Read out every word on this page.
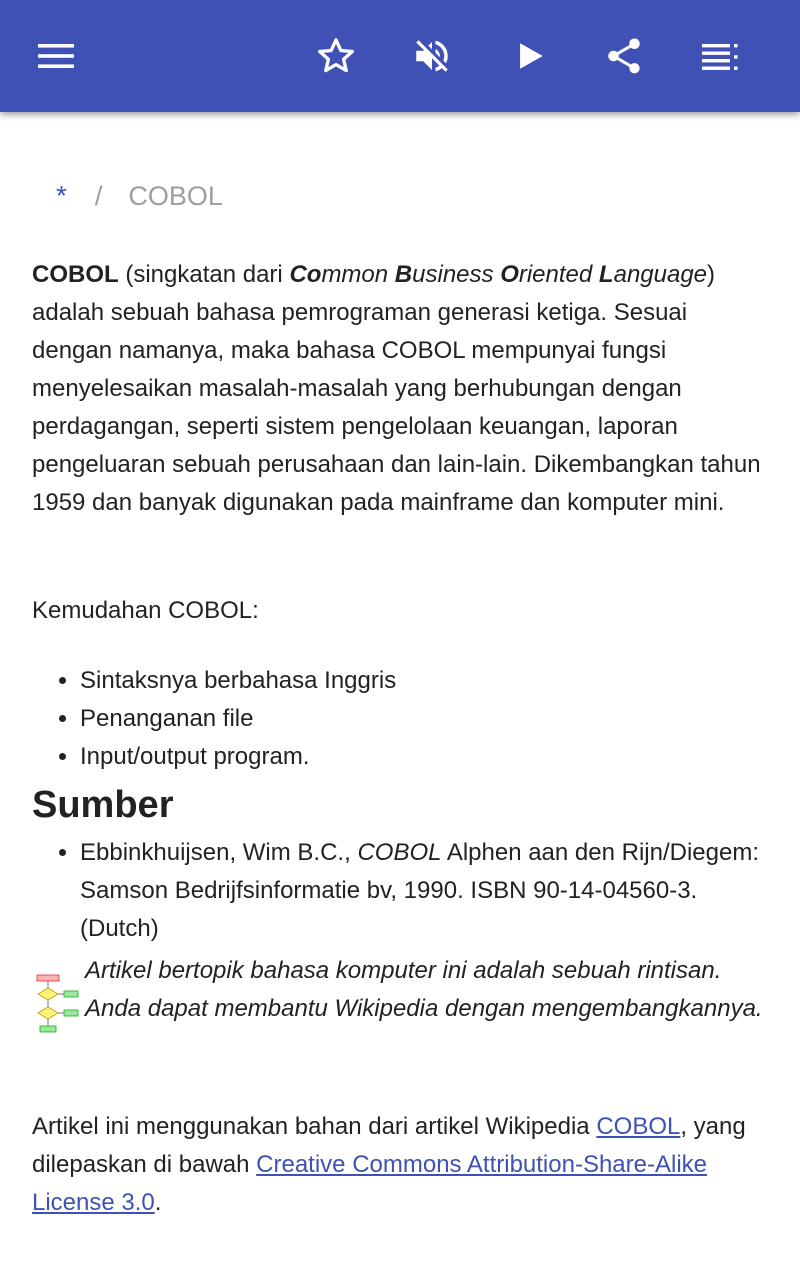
* / COBOL

COBOL (singkatan dari Common Business Oriented Language) adalah sebuah bahasa pemrograman generasi ketiga. Sesuai dengan namanya, maka bahasa COBOL mempunyai fungsi menyelesaikan masalah-masalah yang berhubungan dengan perdagangan, seperti sistem pengelolaan keuangan, laporan pengeluaran sebuah perusahaan dan lain-lain. Dikembangkan tahun 1959 dan banyak digunakan pada mainframe dan komputer mini.

Kemudahan COBOL:

• Sintaksnya berbahasa Inggris
• Penanganan file
• Input/output program.
Sumber
• Ebbinkhuijsen, Wim B.C., COBOL Alphen aan den Rijn/Diegem: Samson Bedrijfsinformatie bv, 1990. ISBN 90-14-04560-3. (Dutch)
Artikel bertopik bahasa komputer ini adalah sebuah rintisan. Anda dapat membantu Wikipedia dengan mengembangkannya.

Artikel ini menggunakan bahan dari artikel Wikipedia COBOL, yang dilepaskan di bawah Creative Commons Attribution-Share-Alike License 3.0.
